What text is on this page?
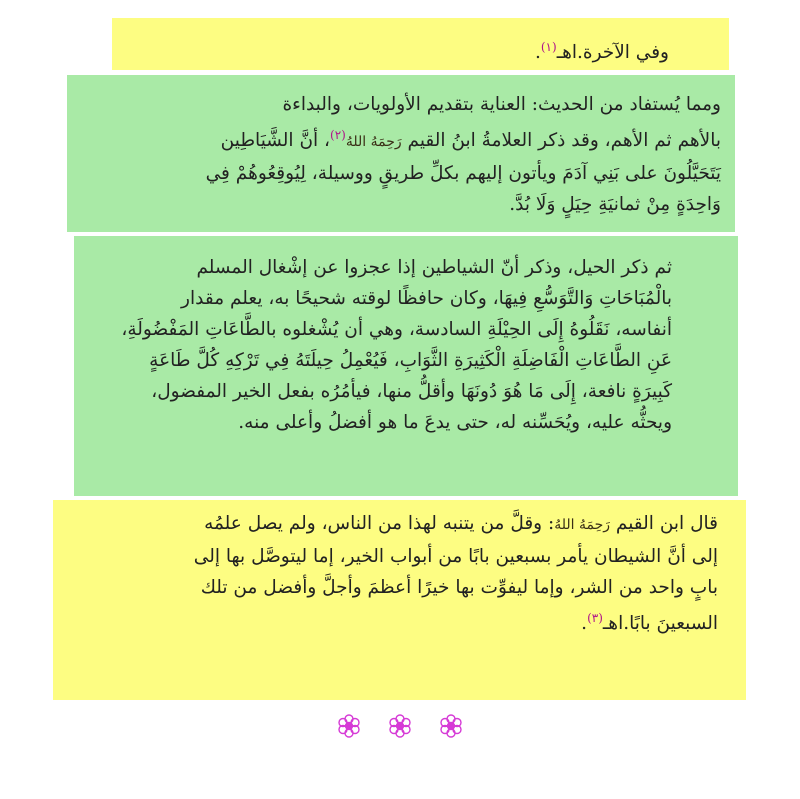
وفي الآخرة.اهـ$^{(١)}$.

ومما يُستفاد من الحديث: العناية بتقديم الأولويات، والبداءة

بالأهم ثم الأهم، وقد ذكر العلامةُ ابنُ القيم رَحِمَهُ اللهُ$^{(٢)}$، أنَّ الشَّيَاطِين

يَتَحَيَّلُونَ على بَنِي آدَمَ ويأتون إليهم بكلِّ طريقٍ ووسيلة، لِيُوقِعُوهُمْ فِي

وَاحِدَةٍ مِنْ ثمانيَةِ حِيَلٍ وَلَا بُدَّ.

ثم ذكر الحيل، وذكر أنّ الشياطين إذا عجزوا عن إشْغال المسلم

بالْمُبَاحَاتِ وَالتَّوَسُّعِ فِيهَا، وكان حافظًا لوقته شحيحًا به، يعلم مقدار

أنفاسه، نَقَلُوهُ إِلَى الحِيْلَةِ السادسة، وهي أن يُشْغلوه بالطَّاعَاتِ المَفْضُولَةِ،

عَنِ الطَّاعَاتِ الْفَاضِلَةِ الْكَثِيرَةِ الثَّوَابِ، فَيُعْمِلُ حِيلَتَهُ فِي تَرْكِهِ كُلَّ طَاعَةٍ

كَبِيرَةٍ نافعة، إِلَى مَا هُوَ دُونَهَا وأقلُّ منها، فيأمُرُه بفعل الخير المفضول،

ويحثُّه عليه، ويُحَسِّنه له، حتى يدعَ ما هو أفضلُ وأعلى منه.

قال ابن القيم رَحِمَهُ اللهُ: وقلَّ من يتنبه لهذا من الناس، ولم يصل علمُه

إلى أنَّ الشيطان يأمر بسبعين بابًا من أبواب الخير، إما ليتوصَّل بها إلى

بابٍ واحد من الشر، وإما ليفوِّت بها خيرًا أعظمَ وأجلَّ وأفضل من تلك

السبعينَ بابًا.اهـ$^{(٣)}$.
